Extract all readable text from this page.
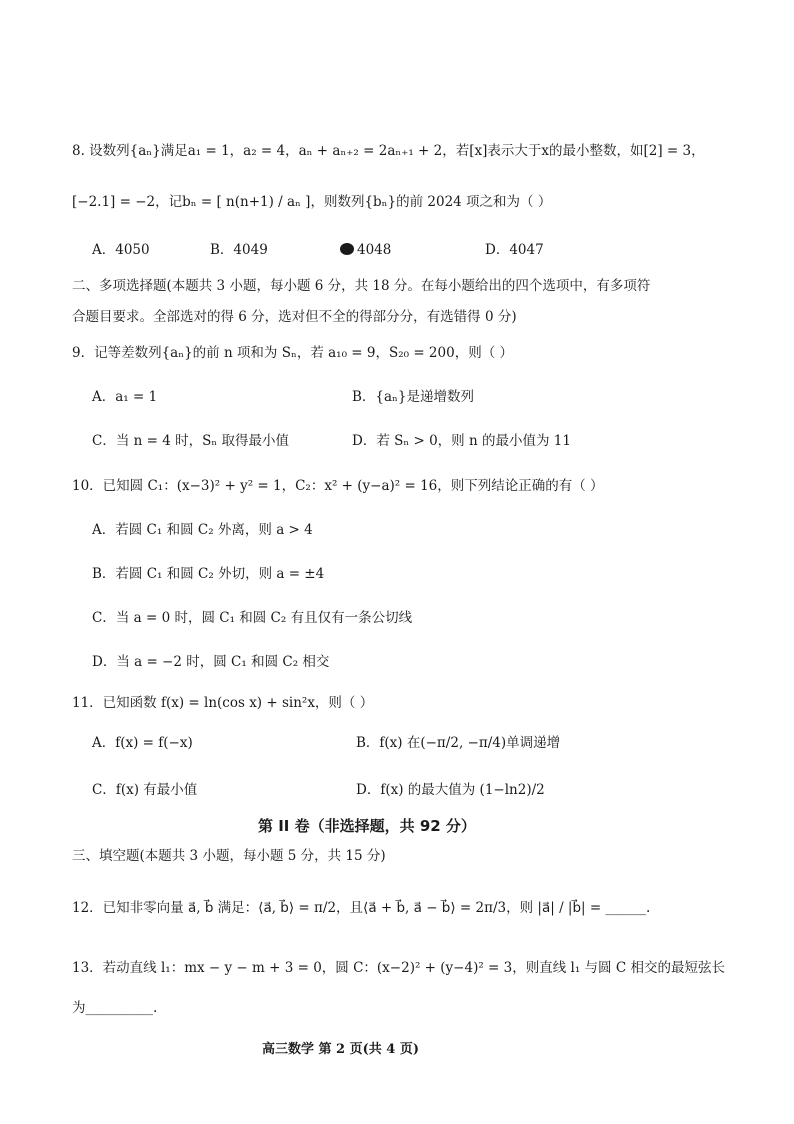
8. 设数列{aₙ}满足a₁ = 1，a₂ = 4，aₙ + aₙ₊₂ = 2aₙ₊₁ + 2，若[x]表示大于x的最小整数，如[2] = 3，
[−2.1] = −2，记bₙ = [ n(n+1) / aₙ ]，则数列{bₙ}的前 2024 项之和为（ ）
A．4050	B．4049	4048	D．4047
二、多项选择题(本题共 3 小题，每小题 6 分，共 18 分。在每小题给出的四个选项中，有多项符
合题目要求。全部选对的得 6 分，选对但不全的得部分分，有选错得 0 分)
9．记等差数列{aₙ}的前 n 项和为 Sₙ，若 a₁₀ = 9，S₂₀ = 200，则（ ）
A．a₁ = 1	B．{aₙ}是递增数列
C．当 n = 4 时，Sₙ 取得最小值	D．若 Sₙ > 0，则 n 的最小值为 11
10．已知圆 C₁：(x−3)² + y² = 1，C₂：x² + (y−a)² = 16，则下列结论正确的有（ ）
A．若圆 C₁ 和圆 C₂ 外离，则 a > 4
B．若圆 C₁ 和圆 C₂ 外切，则 a = ±4
C．当 a = 0 时，圆 C₁ 和圆 C₂ 有且仅有一条公切线
D．当 a = −2 时，圆 C₁ 和圆 C₂ 相交
11．已知函数 f(x) = ln(cos x) + sin²x，则（ ）
A．f(x) = f(−x)	B．f(x) 在(−π/2, −π/4)单调递增
C．f(x) 有最小值	D．f(x) 的最大值为 (1−ln2)/2
第 II 卷（非选择题，共 92 分）
三、填空题(本题共 3 小题，每小题 5 分，共 15 分)
12．已知非零向量 a⃗, b⃗ 满足：⟨a⃗, b⃗⟩ = π/2，且⟨a⃗ + b⃗, a⃗ − b⃗⟩ = 2π/3，则 |a⃗| / |b⃗| = ______.
13．若动直线 l₁：mx − y − m + 3 = 0，圆 C：(x−2)² + (y−4)² = 3，则直线 l₁ 与圆 C 相交的最短弦长
为__________.
高三数学 第 2 页(共 4 页)
